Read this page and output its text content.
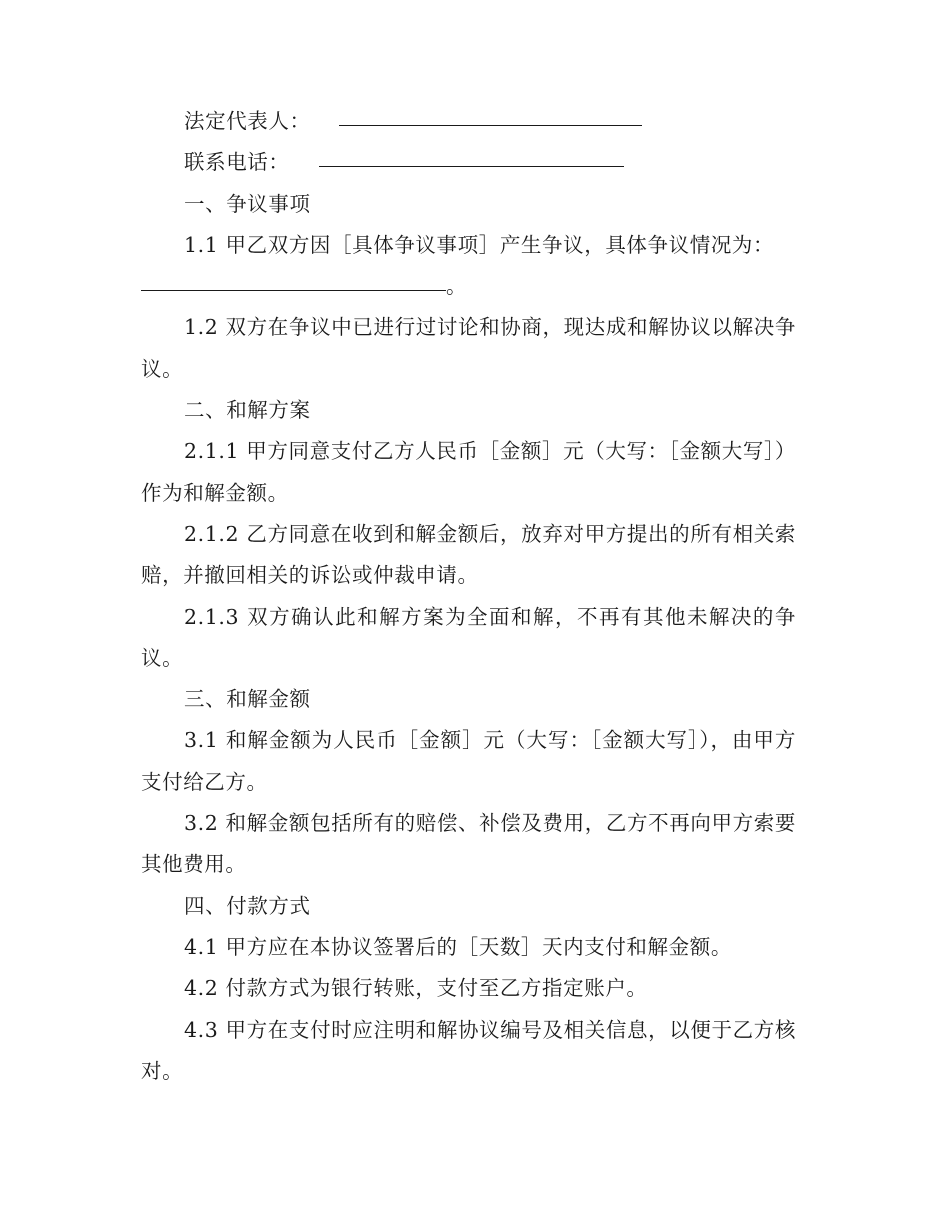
法定代表人：

联系电话：

一、争议事项

1.1 甲乙双方因［具体争议事项］产生争议，具体争议情况为：

。

1.2 双方在争议中已进行过讨论和协商，现达成和解协议以解决争议。

二、和解方案

2.1.1 甲方同意支付乙方人民币［金额］元（大写：［金额大写］）作为和解金额。

2.1.2 乙方同意在收到和解金额后，放弃对甲方提出的所有相关索赔，并撤回相关的诉讼或仲裁申请。

2.1.3 双方确认此和解方案为全面和解，不再有其他未解决的争议。

三、和解金额

3.1 和解金额为人民币［金额］元（大写：［金额大写］），由甲方支付给乙方。

3.2 和解金额包括所有的赔偿、补偿及费用，乙方不再向甲方索要其他费用。

四、付款方式

4.1 甲方应在本协议签署后的［天数］天内支付和解金额。

4.2 付款方式为银行转账，支付至乙方指定账户。

4.3 甲方在支付时应注明和解协议编号及相关信息，以便于乙方核对。
